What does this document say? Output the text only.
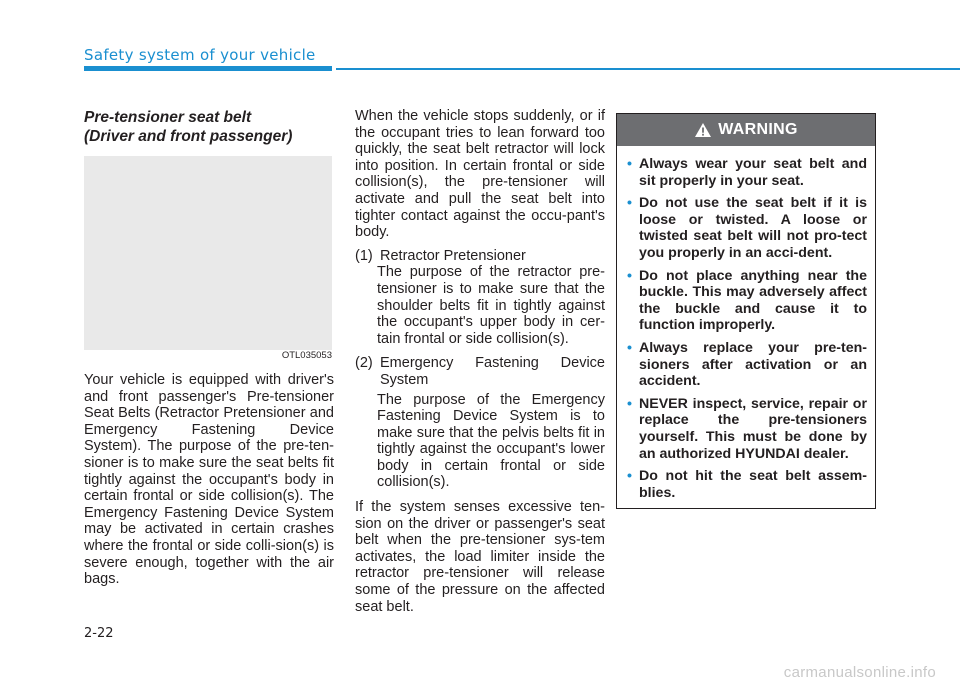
Safety system of your vehicle
Pre-tensioner seat belt
(Driver and front passenger)
OTL035053

Your vehicle is equipped with driver's and front passenger's Pre-tensioner Seat Belts (Retractor Pretensioner and Emergency Fastening Device System). The purpose of the pre-ten-sioner is to make sure the seat belts fit tightly against the occupant's body in certain frontal or side collision(s). The Emergency Fastening Device System may be activated in certain crashes where the frontal or side colli-sion(s) is severe enough, together with the air bags.

When the vehicle stops suddenly, or if the occupant tries to lean forward too quickly, the seat belt retractor will lock into position. In certain frontal or side collision(s), the pre-tensioner will activate and pull the seat belt into tighter contact against the occu-pant's body.

(1) Retractor Pretensioner

The purpose of the retractor pre-tensioner is to make sure that the shoulder belts fit in tightly against the occupant's upper body in cer-tain frontal or side collision(s).

(2) Emergency Fastening Device
System

The purpose of the Emergency Fastening Device System is to make sure that the pelvis belts fit in tightly against the occupant's lower body in certain frontal or side collision(s).

If the system senses excessive ten-sion on the driver or passenger's seat belt when the pre-tensioner sys-tem activates, the load limiter inside the retractor pre-tensioner will release some of the pressure on the affected seat belt.

WARNING
• Always wear your seat belt and sit properly in your seat.
• Do not use the seat belt if it is loose or twisted. A loose or twisted seat belt will not pro-tect you properly in an acci-dent.
• Do not place anything near the buckle. This may adversely affect the buckle and cause it to function improperly.
• Always replace your pre-ten-sioners after activation or an accident.
• NEVER inspect, service, repair or replace the pre-tensioners yourself. This must be done by an authorized HYUNDAI dealer.
• Do not hit the seat belt assem-blies.
2-22
carmanualsonline.info
